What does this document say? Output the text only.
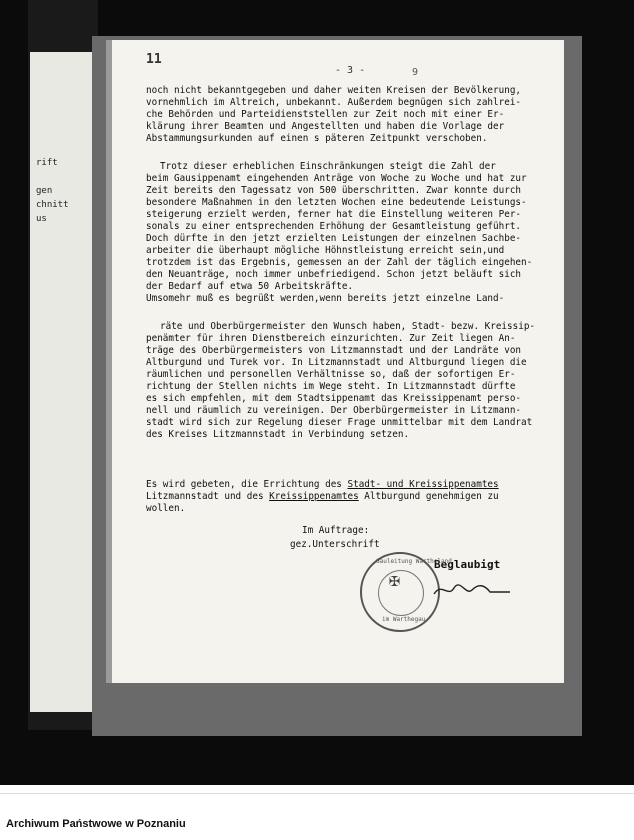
rift
gen
chnitt
us
11
- 3 -	9
noch nicht bekanntgegeben und daher weiten Kreisen der Bevölkerung,
vornehmlich im Altreich, unbekannt. Außerdem begnügen sich zahlrei-
che Behörden und Parteidienststellen zur Zeit noch mit einer Er-
klärung ihrer Beamten und Angestellten und haben die Vorlage der
Abstammungsurkunden auf einen s päteren Zeitpunkt verschoben.
Trotz dieser erheblichen Einschränkungen steigt die Zahl der
beim Gausippenamt eingehenden Anträge von Woche zu Woche und hat zur
Zeit bereits den Tagessatz von 500 überschritten. Zwar konnte durch
besondere Maßnahmen in den letzten Wochen eine bedeutende Leistungs-
steigerung erzielt werden, ferner hat die Einstellung weiteren Per-
sonals zu einer entsprechenden Erhöhung der Gesamtleistung geführt.
Doch dürfte in den jetzt erzielten Leistungen der einzelnen Sachbe-
arbeiter die überhaupt mögliche Höhnstleistung erreicht sein,und
trotzdem ist das Ergebnis, gemessen an der Zahl der täglich eingehen-
den Neuanträge, noch immer unbefriedigend. Schon jetzt beläuft sich
der Bedarf auf etwa 50 Arbeitskräfte.
Umsomehr muß es begrüßt werden,wenn bereits jetzt einzelne Land-
räte und Oberbürgermeister den Wunsch haben, Stadt- bezw. Kreissip-
penämter für ihren Dienstbereich einzurichten. Zur Zeit liegen An-
träge des Oberbürgermeisters von Litzmannstadt und der Landräte von
Altburgund und Turek vor. In Litzmannstadt und Altburgund liegen die
räumlichen und personellen Verhältnisse so, daß der sofortigen Er-
richtung der Stellen nichts im Wege steht. In Litzmannstadt dürfte
es sich empfehlen, mit dem Stadtsippenamt das Kreissippenamt perso-
nell und räumlich zu vereinigen. Der Oberbürgermeister in Litzmann-
stadt wird sich zur Regelung dieser Frage unmittelbar mit dem Landrat
des Kreises Litzmannstadt in Verbindung setzen.
Es wird gebeten, die Errichtung des Stadt- und Kreissippenamtes
Litzmannstadt und des Kreissippenamtes Altburgund genehmigen zu
wollen.
Im Auftrage:
gez.Unterschrift
Beglaubigt
✠
Gauleitung Wartheland
im Warthegau
Archiwum Państwowe w Poznaniu
